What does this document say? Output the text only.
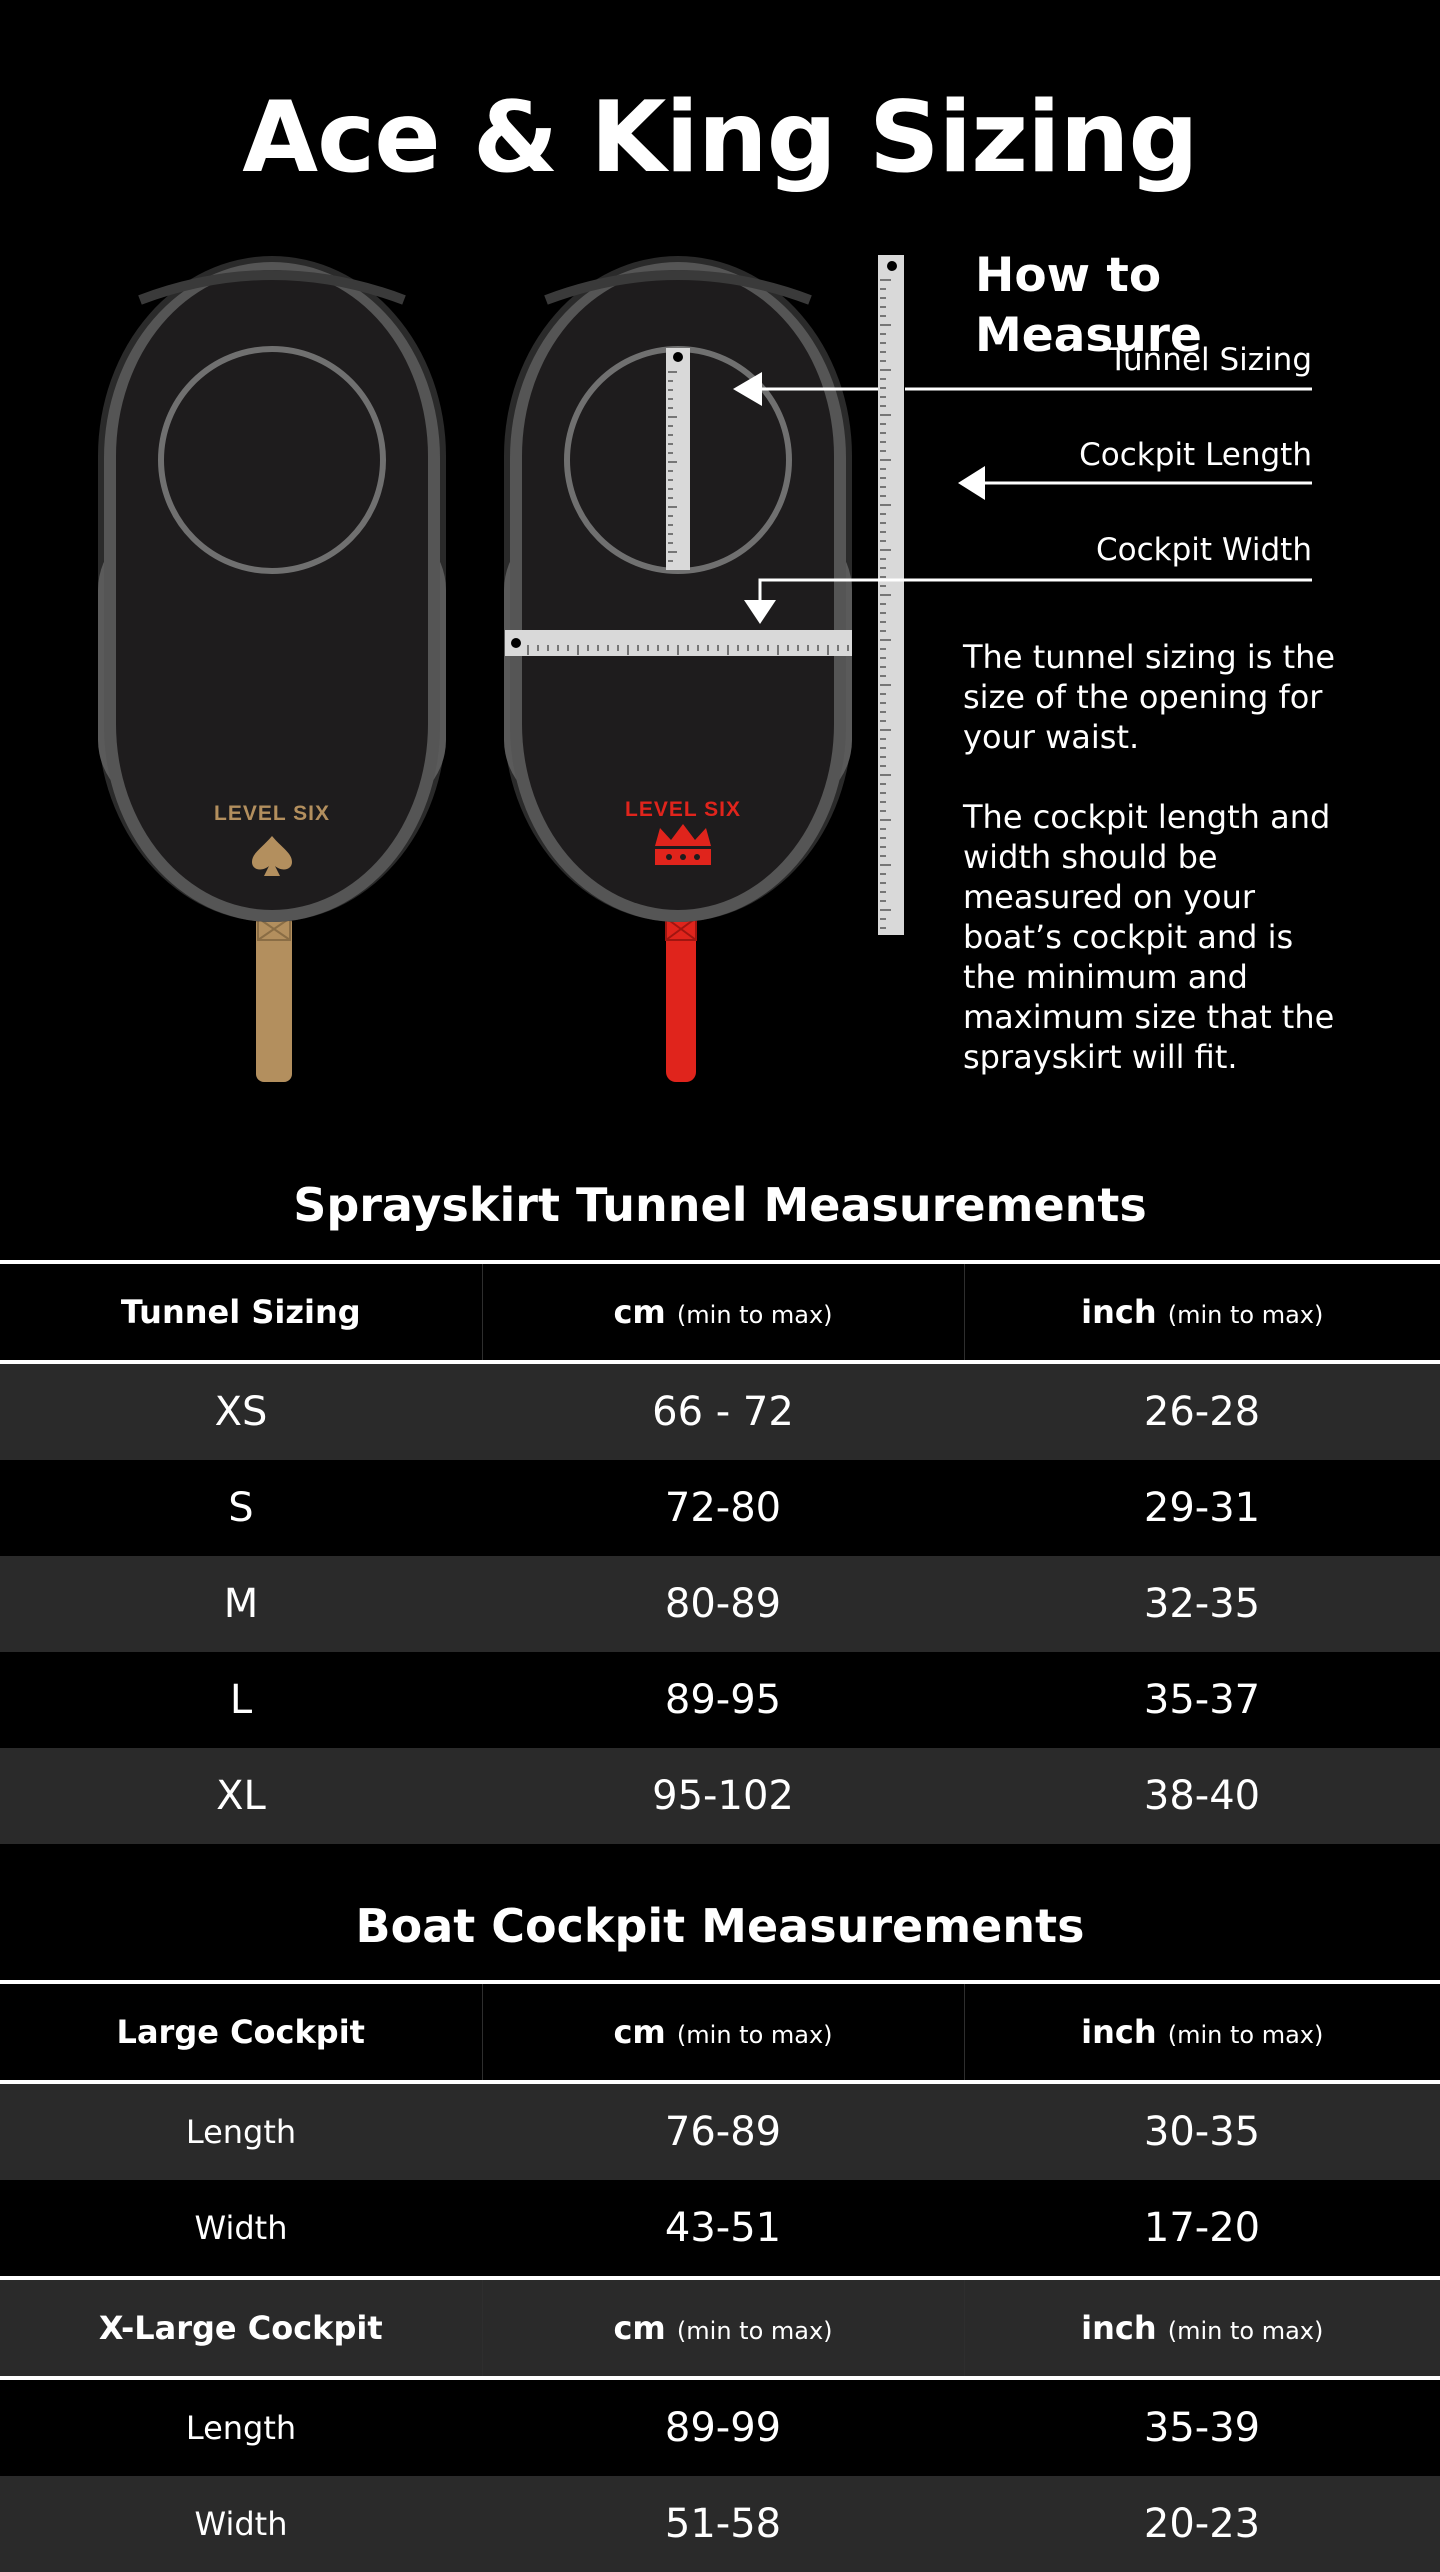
Ace & King Sizing
LEVEL SIX	LEVEL SIX
How to Measure
Tunnel Sizing
Cockpit Length
Cockpit Width
The tunnel sizing is the size of the opening for your waist.
The cockpit length and width should be measured on your boat’s cockpit and is the minimum and maximum size that the sprayskirt will fit.
Sprayskirt Tunnel Measurements
Tunnel Sizing	cm (min to max)	inch (min to max)
XS	66 - 72	26-28
S	72-80	29-31
M	80-89	32-35
L	89-95	35-37
XL	95-102	38-40
Boat Cockpit Measurements
Large Cockpit	cm (min to max)	inch (min to max)
Length	76-89	30-35
Width	43-51	17-20
X-Large Cockpit	cm (min to max)	inch (min to max)
Length	89-99	35-39
Width	51-58	20-23
